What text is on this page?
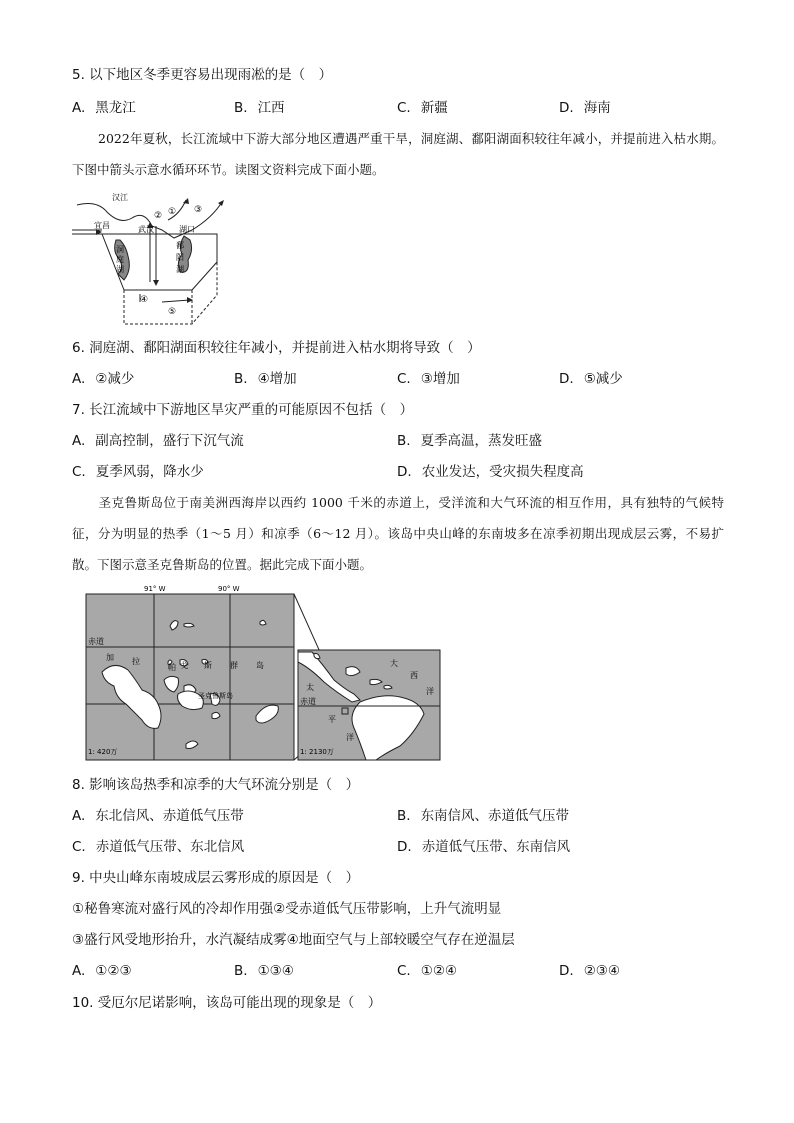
5. 以下地区冬季更容易出现雨凇的是（　）
A. 黑龙江	B. 江西	C. 新疆	D. 海南
2022年夏秋，长江流域中下游大部分地区遭遇严重干旱，洞庭湖、鄱阳湖面积较往年减小，并提前进入枯水期。下图中箭头示意水循环环节。读图文资料完成下面小题。
汉江
宜昌	武汉	湖口
洞
庭
湖
鄱
阳
湖
①
②
③
④
⑤
6. 洞庭湖、鄱阳湖面积较往年减小，并提前进入枯水期将导致（　）
A. ②减少	B. ④增加	C. ③增加	D. ⑤减少
7. 长江流域中下游地区旱灾严重的可能原因不包括（　）
A. 副高控制，盛行下沉气流	B. 夏季高温，蒸发旺盛
C. 夏季风弱，降水少	D. 农业发达，受灾损失程度高
圣克鲁斯岛位于南美洲西海岸以西约 1000 千米的赤道上，受洋流和大气环流的相互作用，具有独特的气候特征，分为明显的热季（1～5 月）和凉季（6～12 月）。该岛中央山峰的东南坡多在凉季初期出现成层云雾，不易扩散。下图示意圣克鲁斯岛的位置。据此完成下面小题。
91° W	90° W
赤道
加 拉
帕 戈 斯 群 岛
圣克鲁斯岛
1: 420万
大
西
洋
太
赤道
平
洋
1: 2130万
8. 影响该岛热季和凉季的大气环流分别是（　）
A. 东北信风、赤道低气压带	B. 东南信风、赤道低气压带
C. 赤道低气压带、东北信风	D. 赤道低气压带、东南信风
9. 中央山峰东南坡成层云雾形成的原因是（　）
①秘鲁寒流对盛行风的冷却作用强②受赤道低气压带影响，上升气流明显
③盛行风受地形抬升，水汽凝结成雾④地面空气与上部较暖空气存在逆温层
A. ①②③	B. ①③④	C. ①②④	D. ②③④
10. 受厄尔尼诺影响，该岛可能出现的现象是（　）
